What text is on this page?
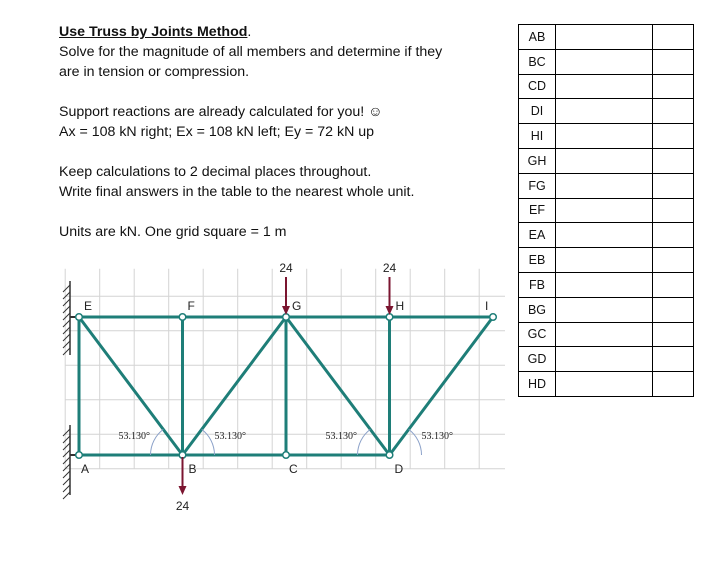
Use Truss by Joints Method.

Solve for the magnitude of all members and determine if they

are in tension or compression.

Support reactions are already calculated for you! ☺

Ax = 108 kN right; Ex = 108 kN left; Ey = 72 kN up

Keep calculations to 2 decimal places throughout.

Write final answers in the table to the nearest whole unit.

Units are kN. One grid square = 1 m

53.130°	53.130°	53.130°	53.130°
A	B	C	D
E	F	G	H	I
24	24
24
AB		
BC		
CD		
DI		
HI		
GH		
FG		
EF		
EA		
EB		
FB		
BG		
GC		
GD		
HD		
